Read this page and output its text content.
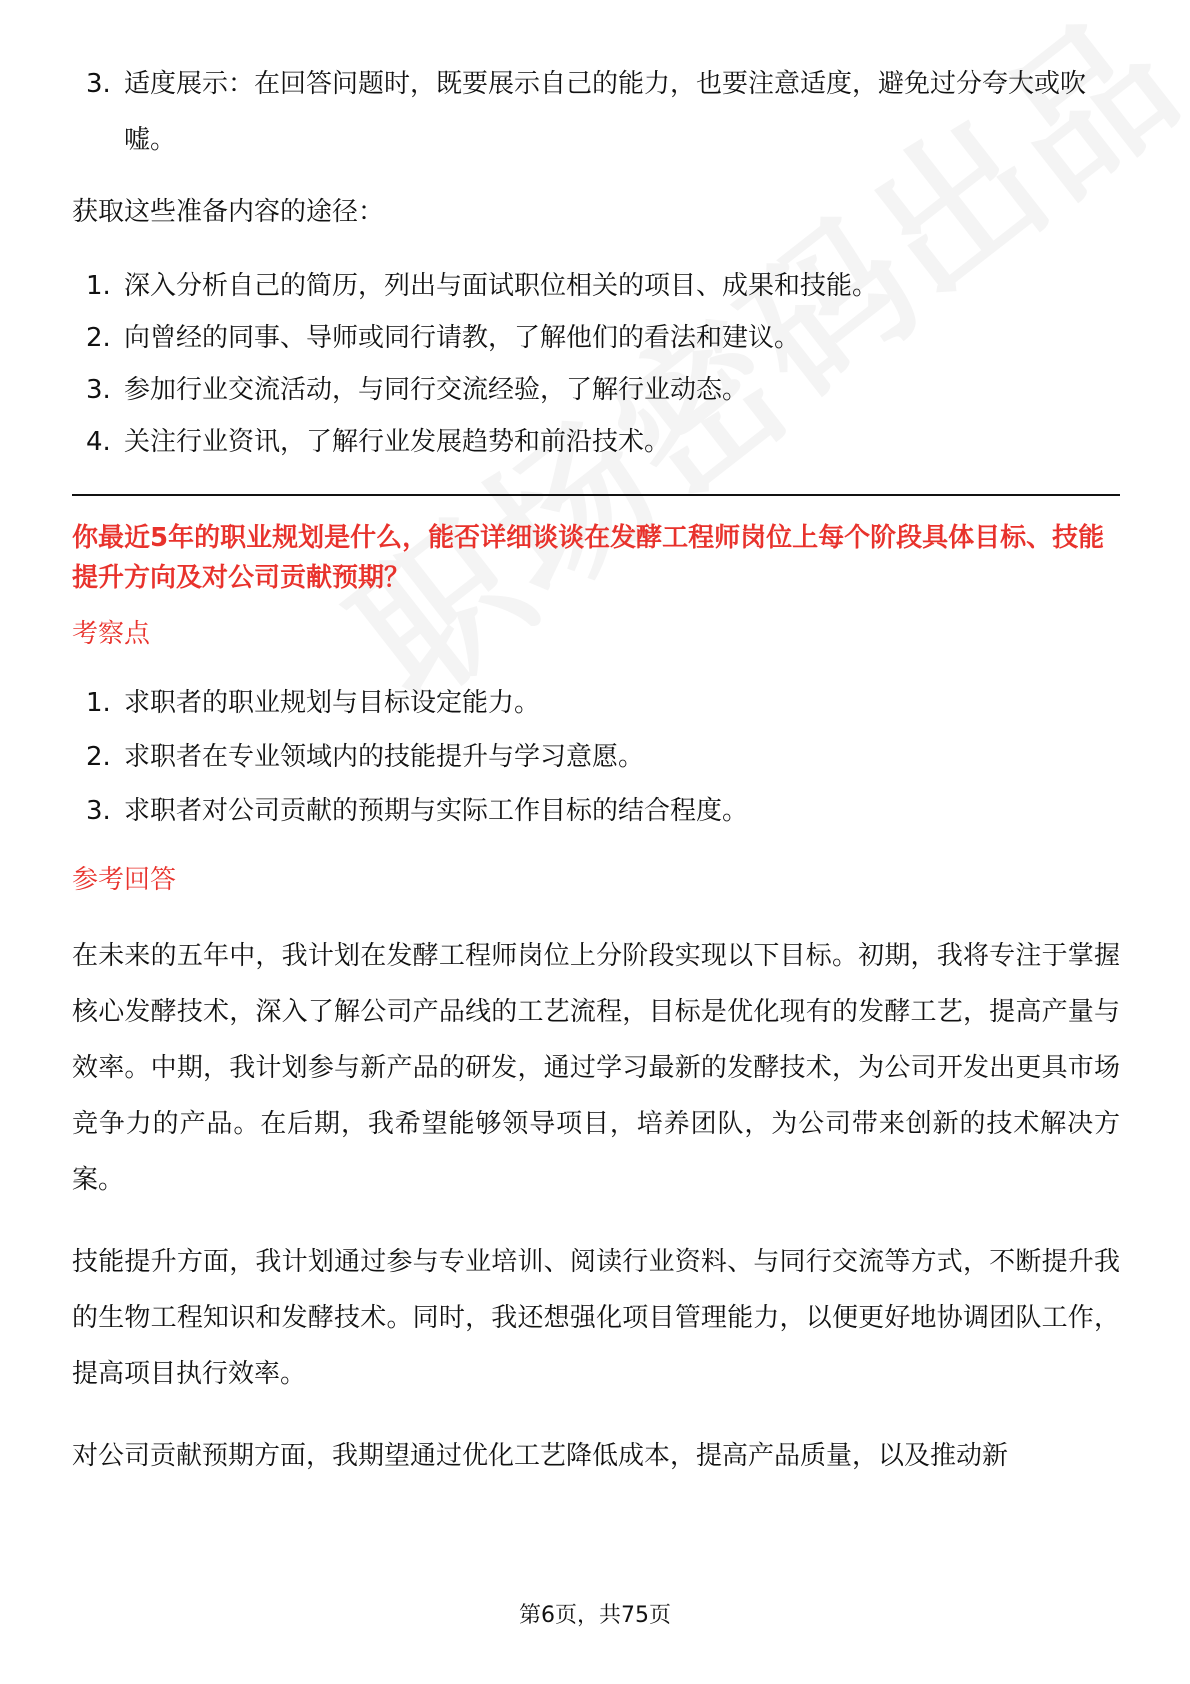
3. 适度展示：在回答问题时，既要展示自己的能力，也要注意适度，避免过分夸大或吹嘘。

获取这些准备内容的途径：

1. 深入分析自己的简历，列出与面试职位相关的项目、成果和技能。
2. 向曾经的同事、导师或同行请教，了解他们的看法和建议。
3. 参加行业交流活动，与同行交流经验，了解行业动态。
4. 关注行业资讯，了解行业发展趋势和前沿技术。

你最近5年的职业规划是什么，能否详细谈谈在发酵工程师岗位上每个阶段具体目标、技能提升方向及对公司贡献预期？

考察点

1. 求职者的职业规划与目标设定能力。
2. 求职者在专业领域内的技能提升与学习意愿。
3. 求职者对公司贡献的预期与实际工作目标的结合程度。

参考回答

在未来的五年中，我计划在发酵工程师岗位上分阶段实现以下目标。初期，我将专注于掌握核心发酵技术，深入了解公司产品线的工艺流程，目标是优化现有的发酵工艺，提高产量与效率。中期，我计划参与新产品的研发，通过学习最新的发酵技术，为公司开发出更具市场竞争力的产品。在后期，我希望能够领导项目，培养团队，为公司带来创新的技术解决方案。

技能提升方面，我计划通过参与专业培训、阅读行业资料、与同行交流等方式，不断提升我的生物工程知识和发酵技术。同时，我还想强化项目管理能力，以便更好地协调团队工作，提高项目执行效率。

对公司贡献预期方面，我期望通过优化工艺降低成本，提高产品质量，以及推动新

第6页，共75页
